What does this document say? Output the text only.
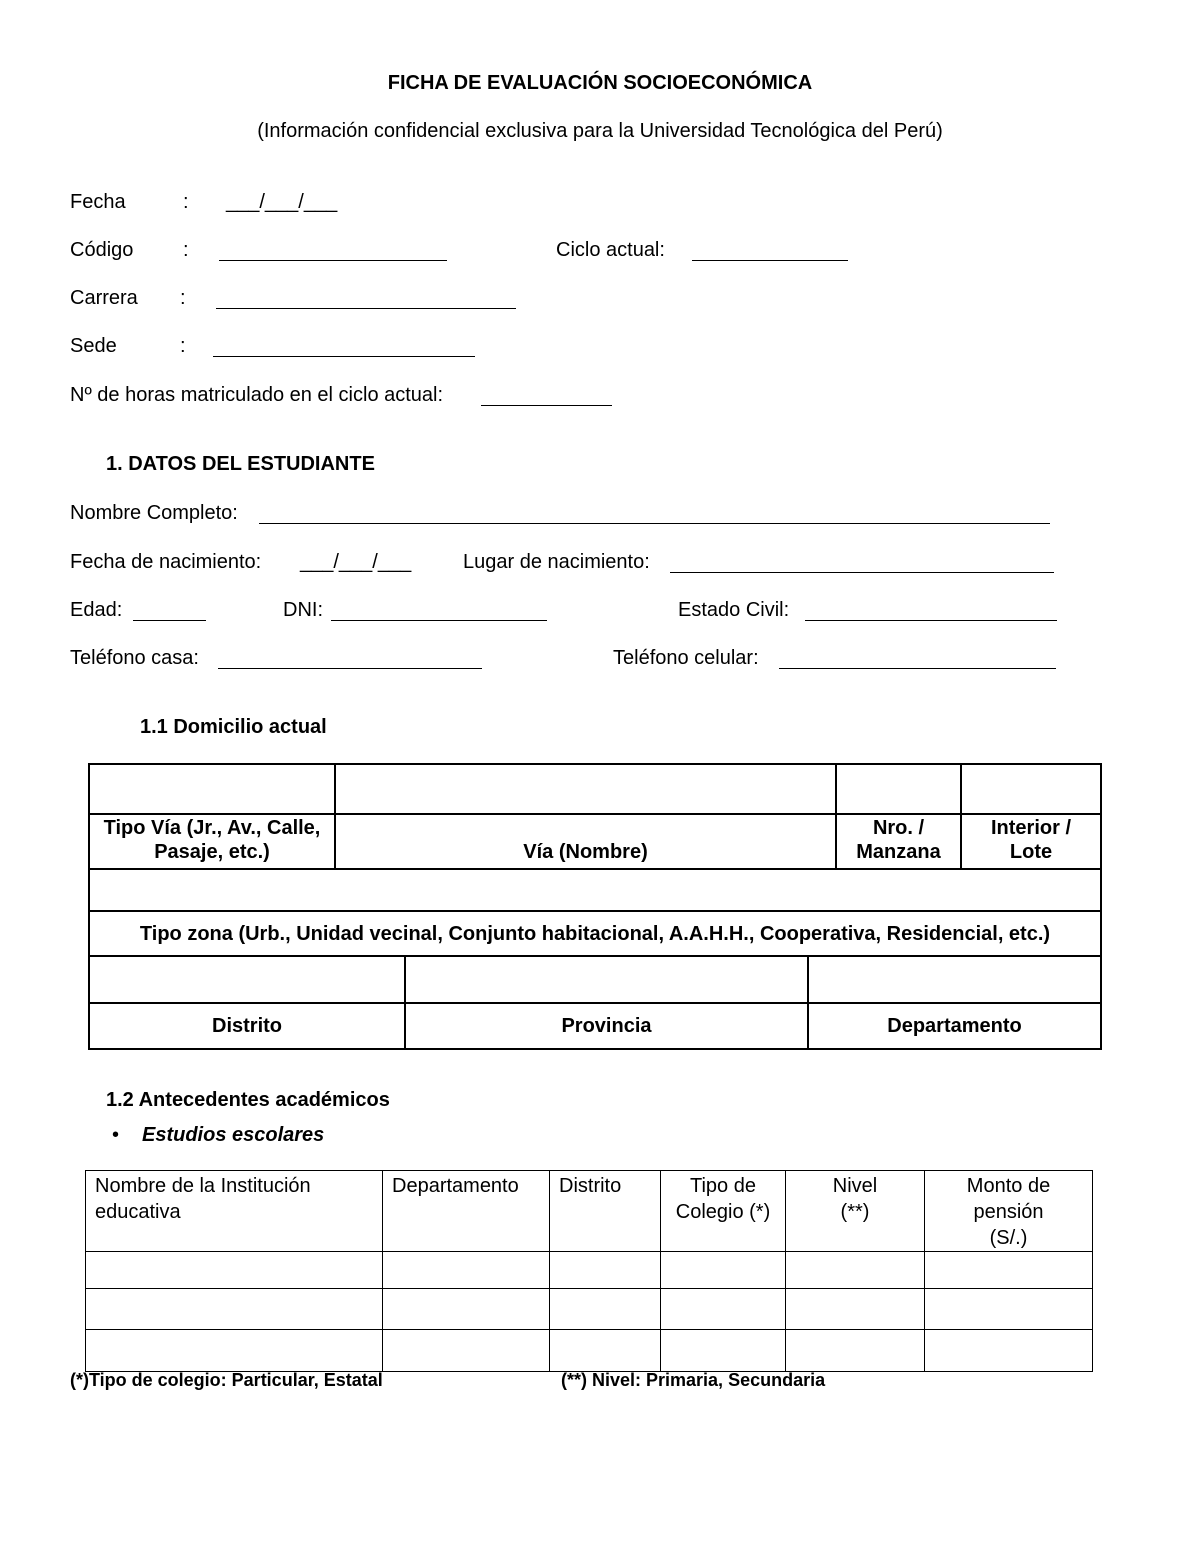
FICHA DE EVALUACIÓN SOCIOECONÓMICA
(Información confidencial exclusiva para la Universidad Tecnológica del Perú)
Fecha	: ___/___/___
Código :	Ciclo actual:
Carrera :
Sede	:
Nº de horas matriculado en el ciclo actual:
1. DATOS DEL ESTUDIANTE
Nombre Completo:
Fecha de nacimiento: ___/___/___	Lugar de nacimiento:
Edad:	DNI:	Estado Civil:
Teléfono casa:	Teléfono celular:
1.1 Domicilio actual

Tipo Vía (Jr., Av., Calle, Pasaje, etc.)	Vía (Nombre)	Nro. / Manzana	Interior / Lote

Tipo zona (Urb., Unidad vecinal, Conjunto habitacional, A.A.H.H., Cooperativa, Residencial, etc.)			

Distrito	Provincia	Departamento
1.2 Antecedentes académicos
• Estudios escolares
Nombre de la Institución educativa	Departamento	Distrito	Tipo de Colegio (*)	Nivel (**)	Monto de pensión (S/.)

(*)Tipo de colegio: Particular, Estatal	(**) Nivel: Primaria, Secundaria
